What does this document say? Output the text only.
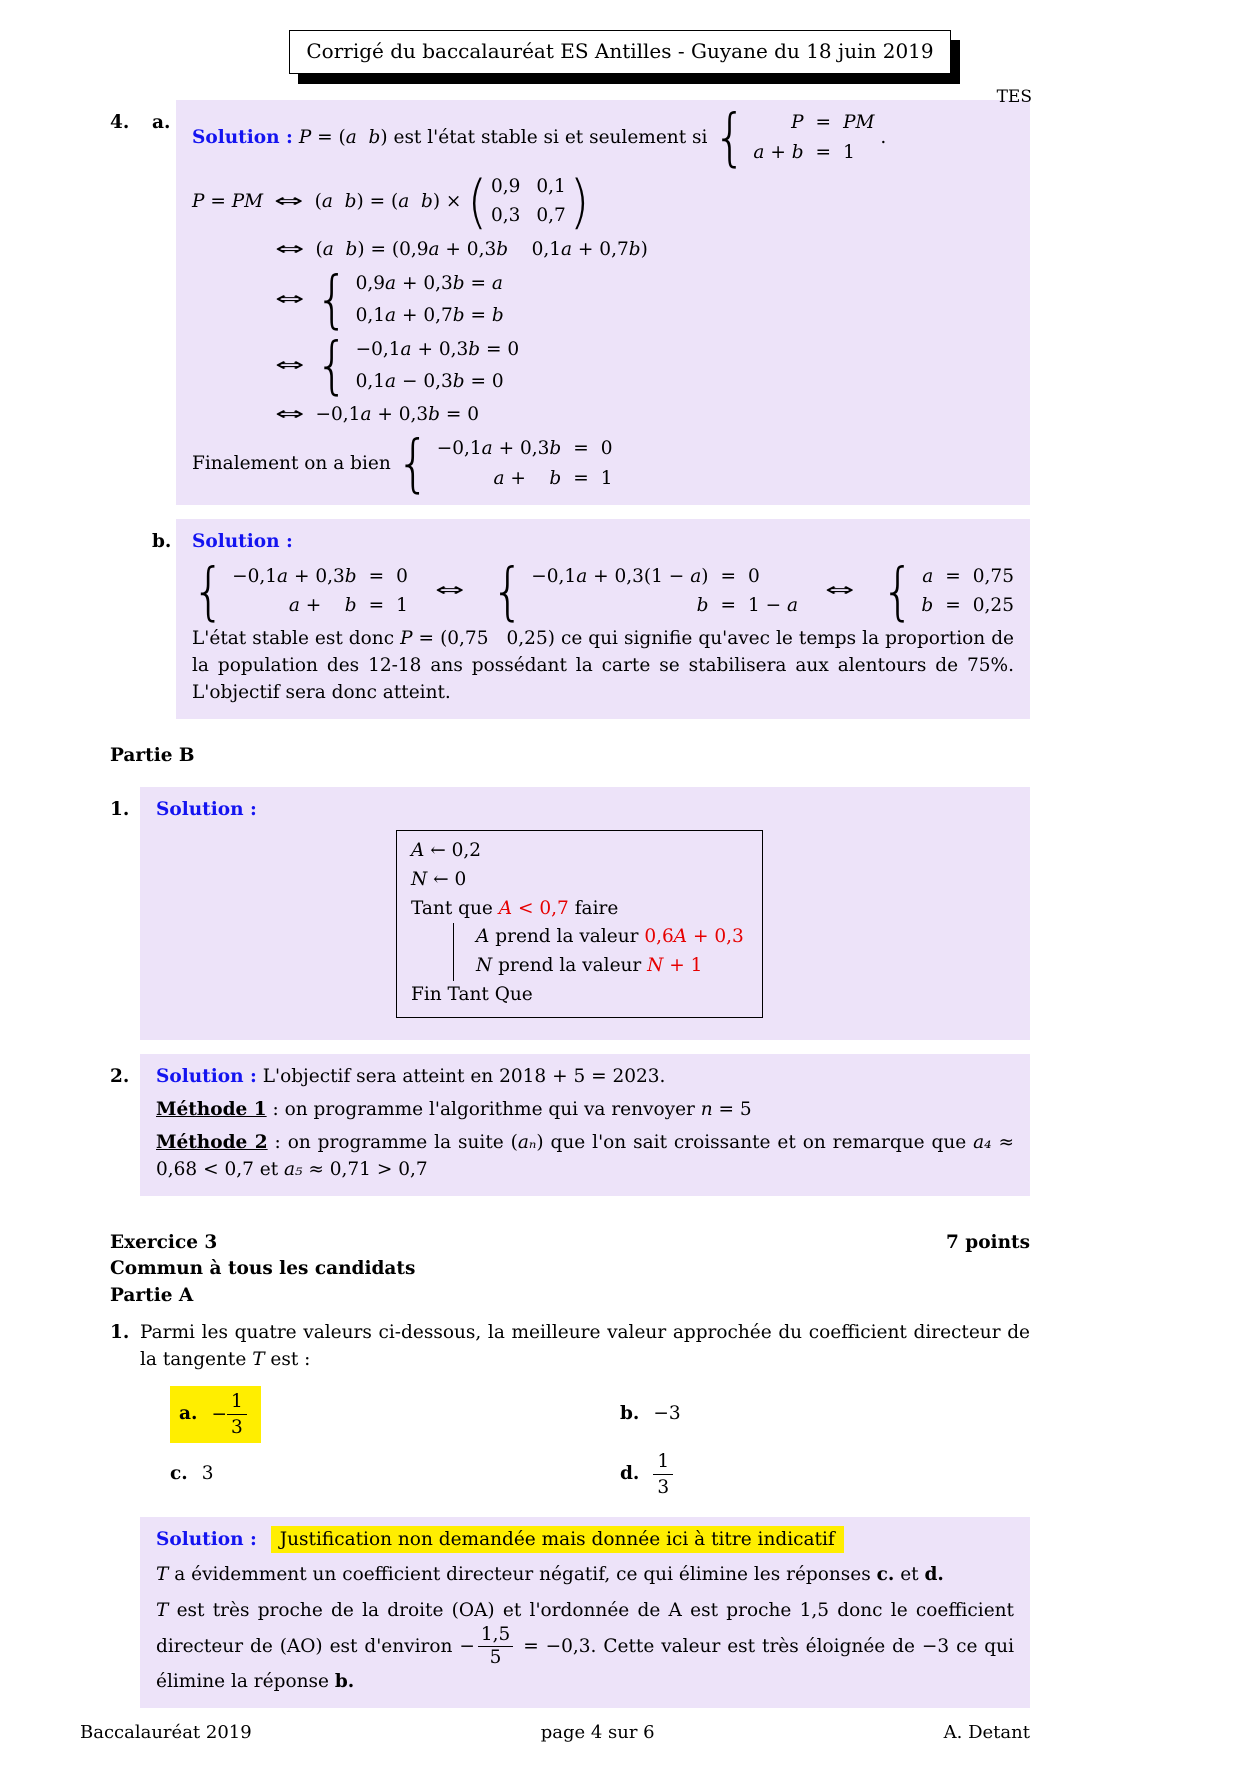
Corrigé du baccalauréat ES Antilles - Guyane du 18 juin 2019
TES
4.	a.
Solution : P = (a b) est l'état stable si et seulement si {	P = PM
a + b = 1
.
P = PM ⇔ (a b) = (a b) × ( 0,9 0,1
0,3 0,7 )
⇔ (a b) = (0,9a + 0,3b    0,1a + 0,7b)
⇔ { 0,9a + 0,3b = a
0,1a + 0,7b = b
⇔ { −0,1a + 0,3b = 0
0,1a − 0,3b = 0
⇔ −0,1a + 0,3b = 0
Finalement on a bien { −0,1a + 0,3b = 0
a +    b = 1
b. Solution :
{ −0,1a + 0,3b = 0
a +    b = 1
⇔ { −0,1a + 0,3(1 − a) = 0
b = 1 − a
⇔ { a = 0,75
b = 0,25

L'état stable est donc P = (0,75   0,25) ce qui signifie qu'avec le temps la proportion de la population des 12-18 ans possédant la carte se stabilisera aux alentours de 75%. L'objectif sera donc atteint.

Partie B
1.	Solution :
A ← 0,2
N ← 0
Tant que A < 0,7 faire
A prend la valeur 0,6A + 0,3
N prend la valeur N + 1
Fin Tant Que
2.	Solution : L'objectif sera atteint en 2018 + 5 = 2023.
Méthode 1 : on programme l'algorithme qui va renvoyer n = 5
Méthode 2 : on programme la suite (aₙ) que l'on sait croissante et on remarque que a₄ ≈ 0,68 < 0,7 et a₅ ≈ 0,71 > 0,7
Exercice 3	7 points
Commun à tous les candidats
Partie A
1. Parmi les quatre valeurs ci-dessous, la meilleure valeur approchée du coefficient directeur de la tangente T est :

a. − $\frac{1}{3}$	b. −3
c. 3	d. $\frac{1}{3}$
Solution : Justification non demandée mais donnée ici à titre indicatif

T a évidemment un coefficient directeur négatif, ce qui élimine les réponses c. et d.

T est très proche de la droite (OA) et l'ordonnée de A est proche 1,5 donc le coefficient directeur de (AO) est d'environ − $\frac{1,5}{5} = -0,3$. Cette valeur est très éloignée de −3 ce qui élimine la réponse b.

Baccalauréat 2019	page 4 sur 6	A. Detant
